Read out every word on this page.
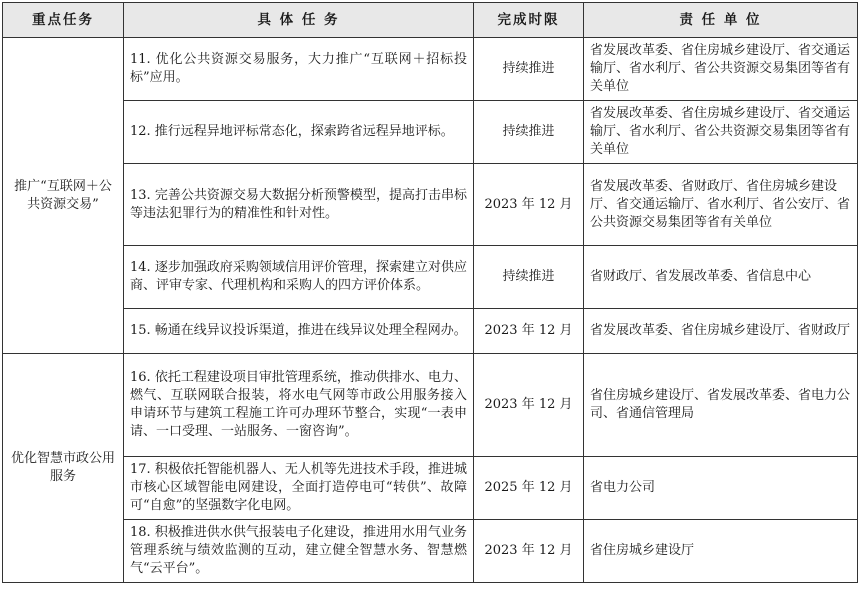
重点任务	具 体 任 务	完成时限	责 任 单 位
推广“互联网＋公共资源交易”	11. 优化公共资源交易服务，大力推广“互联网＋招标投标”应用。	持续推进	省发展改革委、省住房城乡建设厅、省交通运输厅、省水利厅、省公共资源交易集团等省有关单位
	12. 推行远程异地评标常态化，探索跨省远程异地评标。	持续推进	省发展改革委、省住房城乡建设厅、省交通运输厅、省水利厅、省公共资源交易集团等省有关单位
	13. 完善公共资源交易大数据分析预警模型，提高打击串标等违法犯罪行为的精准性和针对性。	2023 年 12 月	省发展改革委、省财政厅、省住房城乡建设厅、省交通运输厅、省水利厅、省公安厅、省公共资源交易集团等省有关单位
	14. 逐步加强政府采购领域信用评价管理，探索建立对供应商、评审专家、代理机构和采购人的四方评价体系。	持续推进	省财政厅、省发展改革委、省信息中心
	15. 畅通在线异议投诉渠道，推进在线异议处理全程网办。	2023 年 12 月	省发展改革委、省住房城乡建设厅、省财政厅
优化智慧市政公用服务	16. 依托工程建设项目审批管理系统，推动供排水、电力、燃气、互联网联合报装，将水电气网等市政公用服务接入申请环节与建筑工程施工许可办理环节整合，实现“一表申请、一口受理、一站服务、一窗咨询”。	2023 年 12 月	省住房城乡建设厅、省发展改革委、省电力公司、省通信管理局
	17. 积极依托智能机器人、无人机等先进技术手段，推进城市核心区域智能电网建设，全面打造停电可“转供”、故障可“自愈”的坚强数字化电网。	2025 年 12 月	省电力公司
	18. 积极推进供水供气报装电子化建设，推进用水用气业务管理系统与绩效监测的互动，建立健全智慧水务、智慧燃气“云平台”。	2023 年 12 月	省住房城乡建设厅
